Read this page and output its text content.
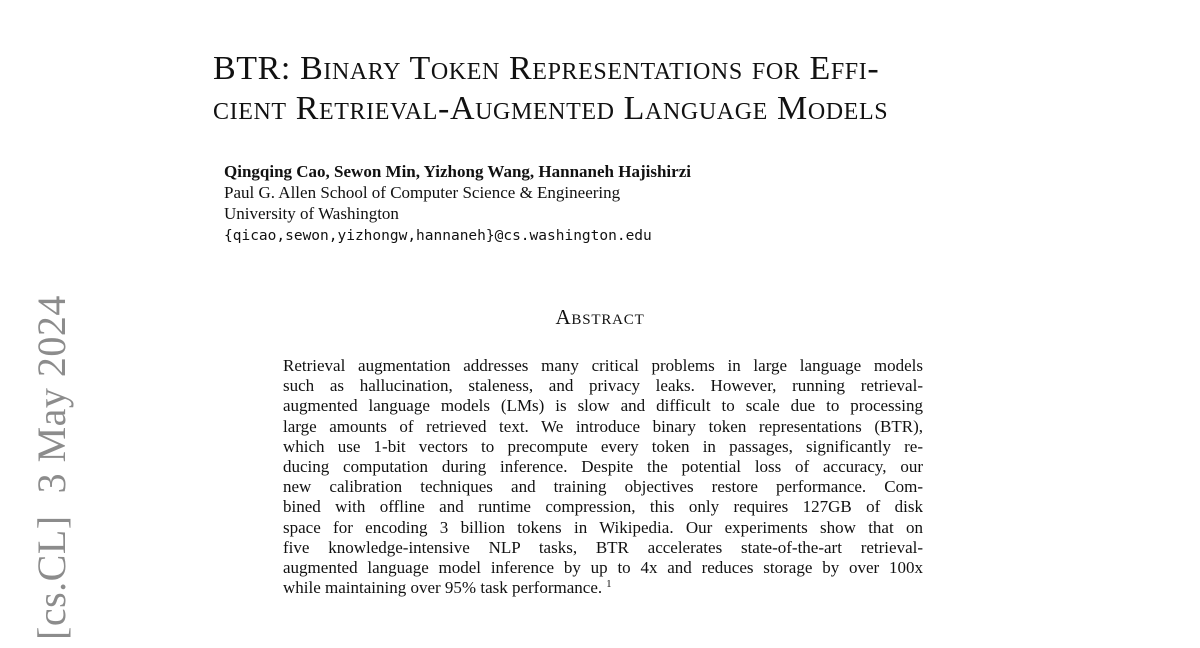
[cs.CL]3 May 2024
BTR: Binary Token Representations for Effi-
cient Retrieval-Augmented Language Models
Qingqing Cao, Sewon Min, Yizhong Wang, Hannaneh Hajishirzi
Paul G. Allen School of Computer Science & Engineering
University of Washington
{qicao,sewon,yizhongw,hannaneh}@cs.washington.edu
Abstract
Retrieval augmentation addresses many critical problems in large language models
such as hallucination, staleness, and privacy leaks. However, running retrieval-
augmented language models (LMs) is slow and difficult to scale due to processing
large amounts of retrieved text. We introduce binary token representations (BTR),
which use 1-bit vectors to precompute every token in passages, significantly re-
ducing computation during inference. Despite the potential loss of accuracy, our
new calibration techniques and training objectives restore performance. Com-
bined with offline and runtime compression, this only requires 127GB of disk
space for encoding 3 billion tokens in Wikipedia. Our experiments show that on
five knowledge-intensive NLP tasks, BTR accelerates state-of-the-art retrieval-
augmented language model inference by up to 4x and reduces storage by over 100x
while maintaining over 95% task performance. $^1$
